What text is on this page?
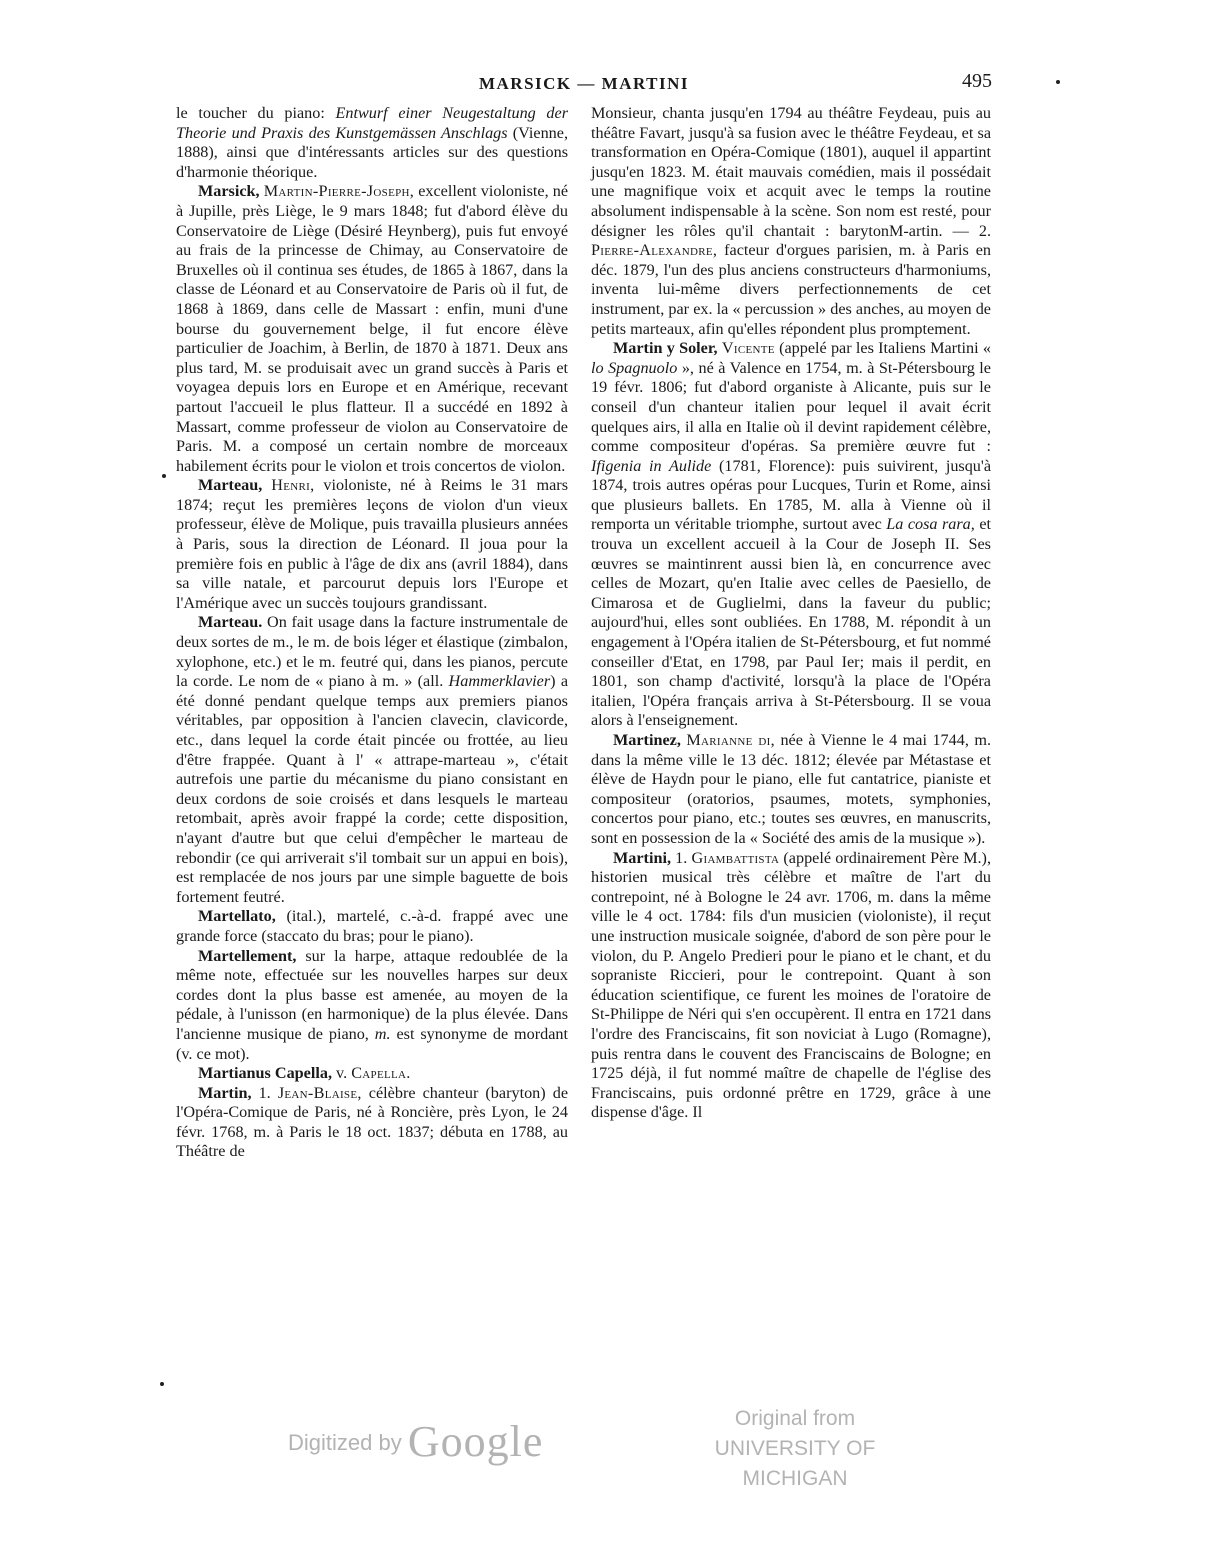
MARSICK — MARTINI	495

le toucher du piano: Entwurf einer Neugestaltung der Theorie und Praxis des Kunstgemässen Anschlags (Vienne, 1888), ainsi que d'intéressants articles sur des questions d'harmonie théorique.

Marsick, Martin-Pierre-Joseph, excellent violoniste, né à Jupille, près Liège, le 9 mars 1848; fut d'abord élève du Conservatoire de Liège (Désiré Heynberg), puis fut envoyé au frais de la princesse de Chimay, au Conservatoire de Bruxelles où il continua ses études, de 1865 à 1867, dans la classe de Léonard et au Conservatoire de Paris où il fut, de 1868 à 1869, dans celle de Massart : enfin, muni d'une bourse du gouvernement belge, il fut encore élève particulier de Joachim, à Berlin, de 1870 à 1871. Deux ans plus tard, M. se produisait avec un grand succès à Paris et voyagea depuis lors en Europe et en Amérique, recevant partout l'accueil le plus flatteur. Il a succédé en 1892 à Massart, comme professeur de violon au Conservatoire de Paris. M. a composé un certain nombre de morceaux habilement écrits pour le violon et trois concertos de violon.

Marteau, Henri, violoniste, né à Reims le 31 mars 1874; reçut les premières leçons de violon d'un vieux professeur, élève de Molique, puis travailla plusieurs années à Paris, sous la direction de Léonard. Il joua pour la première fois en public à l'âge de dix ans (avril 1884), dans sa ville natale, et parcourut depuis lors l'Europe et l'Amérique avec un succès toujours grandissant.

Marteau. On fait usage dans la facture instrumentale de deux sortes de m., le m. de bois léger et élastique (zimbalon, xylophone, etc.) et le m. feutré qui, dans les pianos, percute la corde. Le nom de « piano à m. » (all. Hammerklavier) a été donné pendant quelque temps aux premiers pianos véritables, par opposition à l'ancien clavecin, clavicorde, etc., dans lequel la corde était pincée ou frottée, au lieu d'être frappée. Quant à l' « attrape-marteau », c'était autrefois une partie du mécanisme du piano consistant en deux cordons de soie croisés et dans lesquels le marteau retombait, après avoir frappé la corde; cette disposition, n'ayant d'autre but que celui d'empêcher le marteau de rebondir (ce qui arriverait s'il tombait sur un appui en bois), est remplacée de nos jours par une simple baguette de bois fortement feutré.

Martellato, (ital.), martelé, c.-à-d. frappé avec une grande force (staccato du bras; pour le piano).

Martellement, sur la harpe, attaque redoublée de la même note, effectuée sur les nouvelles harpes sur deux cordes dont la plus basse est amenée, au moyen de la pédale, à l'unisson (en harmonique) de la plus élevée. Dans l'ancienne musique de piano, m. est synonyme de mordant (v. ce mot).

Martianus Capella, v. Capella.

Martin, 1. Jean-Blaise, célèbre chanteur (baryton) de l'Opéra-Comique de Paris, né à Roncière, près Lyon, le 24 févr. 1768, m. à Paris le 18 oct. 1837; débuta en 1788, au Théâtre de

Monsieur, chanta jusqu'en 1794 au théâtre Feydeau, puis au théâtre Favart, jusqu'à sa fusion avec le théâtre Feydeau, et sa transformation en Opéra-Comique (1801), auquel il appartint jusqu'en 1823. M. était mauvais comédien, mais il possédait une magnifique voix et acquit avec le temps la routine absolument indispensable à la scène. Son nom est resté, pour désigner les rôles qu'il chantait : barytonM-artin. — 2. Pierre-Alexandre, facteur d'orgues parisien, m. à Paris en déc. 1879, l'un des plus anciens constructeurs d'harmoniums, inventa lui-même divers perfectionnements de cet instrument, par ex. la « percussion » des anches, au moyen de petits marteaux, afin qu'elles répondent plus promptement.

Martin y Soler, Vicente (appelé par les Italiens Martini « lo Spagnuolo », né à Valence en 1754, m. à St-Pétersbourg le 19 févr. 1806; fut d'abord organiste à Alicante, puis sur le conseil d'un chanteur italien pour lequel il avait écrit quelques airs, il alla en Italie où il devint rapidement célèbre, comme compositeur d'opéras. Sa première œuvre fut : Ifigenia in Aulide (1781, Florence): puis suivirent, jusqu'à 1874, trois autres opéras pour Lucques, Turin et Rome, ainsi que plusieurs ballets. En 1785, M. alla à Vienne où il remporta un véritable triomphe, surtout avec La cosa rara, et trouva un excellent accueil à la Cour de Joseph II. Ses œuvres se maintinrent aussi bien là, en concurrence avec celles de Mozart, qu'en Italie avec celles de Paesiello, de Cimarosa et de Guglielmi, dans la faveur du public; aujourd'hui, elles sont oubliées. En 1788, M. répondit à un engagement à l'Opéra italien de St-Pétersbourg, et fut nommé conseiller d'Etat, en 1798, par Paul Ier; mais il perdit, en 1801, son champ d'activité, lorsqu'à la place de l'Opéra italien, l'Opéra français arriva à St-Pétersbourg. Il se voua alors à l'enseignement.

Martinez, Marianne di, née à Vienne le 4 mai 1744, m. dans la même ville le 13 déc. 1812; élevée par Métastase et élève de Haydn pour le piano, elle fut cantatrice, pianiste et compositeur (oratorios, psaumes, motets, symphonies, concertos pour piano, etc.; toutes ses œuvres, en manuscrits, sont en possession de la « Société des amis de la musique »).

Martini, 1. Giambattista (appelé ordinairement Père M.), historien musical très célèbre et maître de l'art du contrepoint, né à Bologne le 24 avr. 1706, m. dans la même ville le 4 oct. 1784: fils d'un musicien (violoniste), il reçut une instruction musicale soignée, d'abord de son père pour le violon, du P. Angelo Predieri pour le piano et le chant, et du sopraniste Riccieri, pour le contrepoint. Quant à son éducation scientifique, ce furent les moines de l'oratoire de St-Philippe de Néri qui s'en occupèrent. Il entra en 1721 dans l'ordre des Franciscains, fit son noviciat à Lugo (Romagne), puis rentra dans le couvent des Franciscains de Bologne; en 1725 déjà, il fut nommé maître de chapelle de l'église des Franciscains, puis ordonné prêtre en 1729, grâce à une dispense d'âge. Il

Digitized by Google	Original from
UNIVERSITY OF MICHIGAN
